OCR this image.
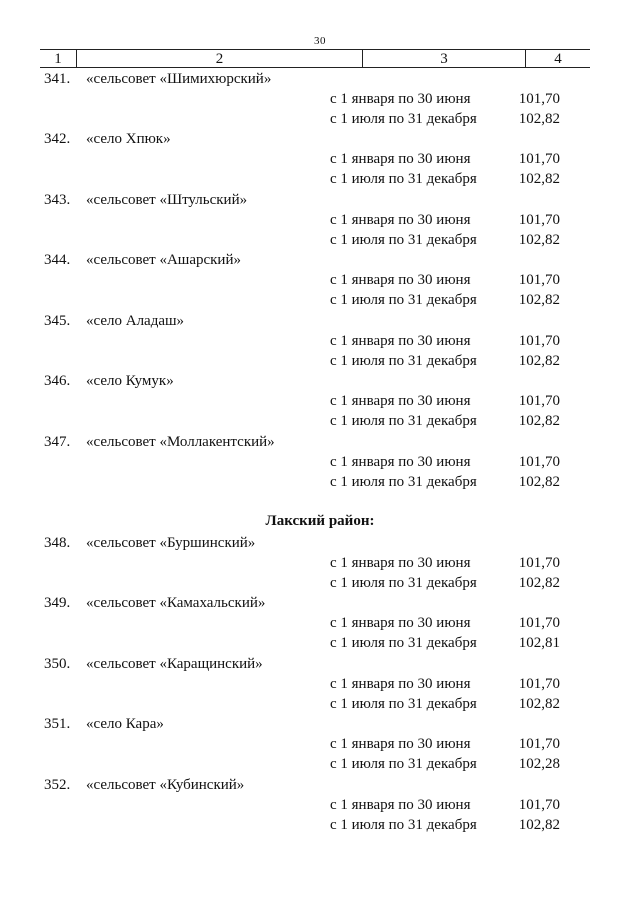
30
1	2	3	4
341. «сельсовет «Шимихюрский»
с 1 января по 30 июня	101,70
с 1 июля по 31 декабря	102,82
342. «село Хпюк»
с 1 января по 30 июня	101,70
с 1 июля по 31 декабря	102,82
343. «сельсовет «Штульский»
с 1 января по 30 июня	101,70
с 1 июля по 31 декабря	102,82
344. «сельсовет «Ашарский»
с 1 января по 30 июня	101,70
с 1 июля по 31 декабря	102,82
345. «село Аладаш»
с 1 января по 30 июня	101,70
с 1 июля по 31 декабря	102,82
346. «село Кумук»
с 1 января по 30 июня	101,70
с 1 июля по 31 декабря	102,82
347. «сельсовет «Моллакентский»
с 1 января по 30 июня	101,70
с 1 июля по 31 декабря	102,82
Лакский район:
348. «сельсовет «Буршинский»
с 1 января по 30 июня	101,70
с 1 июля по 31 декабря	102,82
349. «сельсовет «Камахальский»
с 1 января по 30 июня	101,70
с 1 июля по 31 декабря	102,81
350. «сельсовет «Каращинский»
с 1 января по 30 июня	101,70
с 1 июля по 31 декабря	102,82
351. «село Кара»
с 1 января по 30 июня	101,70
с 1 июля по 31 декабря	102,28
352. «сельсовет «Кубинский»
с 1 января по 30 июня	101,70
с 1 июля по 31 декабря	102,82
